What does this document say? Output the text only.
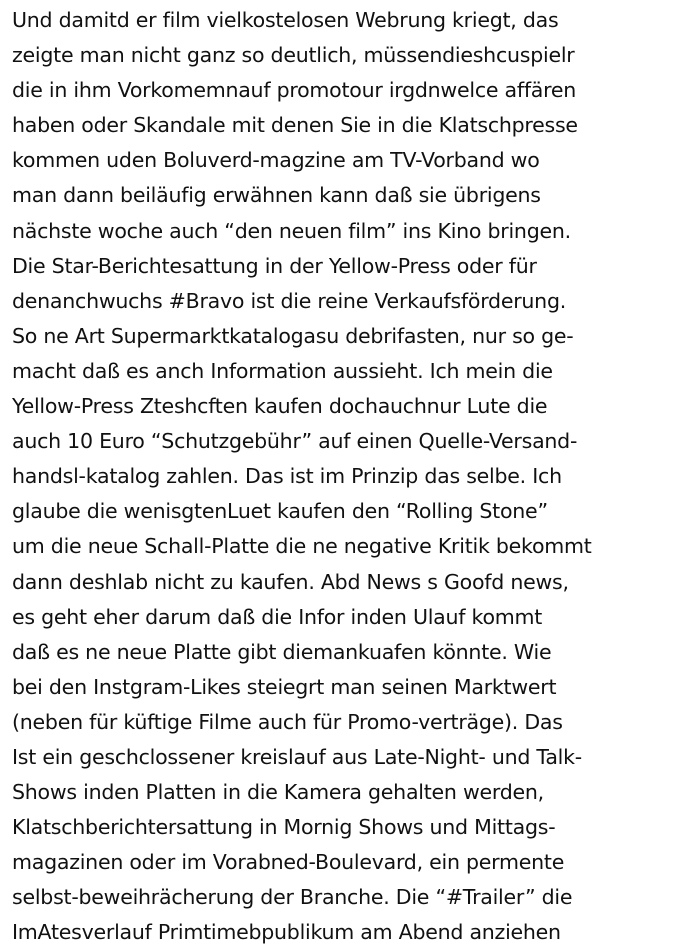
Und damitd er film vielkostelosen Webrung kriegt, das
zeigte man nicht ganz so deutlich, müssendieshcuspielr
die in ihm Vorkomemnauf promotour irgdnwelce affären
haben oder Skandale mit denen Sie in die Klatschpresse
kommen uden Boluverd-magzine am TV-Vorband wo
man dann beiläufig erwähnen kann daß sie übrigens
nächste woche auch “den neuen film” ins Kino bringen.
Die Star-Berichtesattung in der Yellow-Press oder für
denanchwuchs #Bravo ist die reine Verkaufsförderung.
So ne Art Supermarktkatalogasu debrifasten, nur so ge-
macht daß es anch Information aussieht. Ich mein die
Yellow-Press Zteshcften kaufen dochauchnur Lute die
auch 10 Euro “Schutzgebühr” auf einen Quelle-Versand-
handsl-katalog zahlen. Das ist im Prinzip das selbe. Ich
glaube die wenisgtenLuet kaufen den “Rolling Stone”
um die neue Schall-Platte die ne negative Kritik bekommt
dann deshlab nicht zu kaufen. Abd News s Goofd news,
es geht eher darum daß die Infor inden Ulauf kommt
daß es ne neue Platte gibt diemankuafen könnte. Wie
bei den Instgram-Likes steiegrt man seinen Marktwert
(neben für küftige Filme auch für Promo-verträge). Das
Ist ein geschclossener kreislauf aus Late-Night- und Talk-
Shows inden Platten in die Kamera gehalten werden,
Klatschberichtersattung in Mornig Shows und Mittags-
magazinen oder im Vorabned-Boulevard, ein permente
selbst-beweihrächerung der Branche. Die “#Trailer” die
ImAtesverlauf Primtimebpublikum am Abend anziehen
